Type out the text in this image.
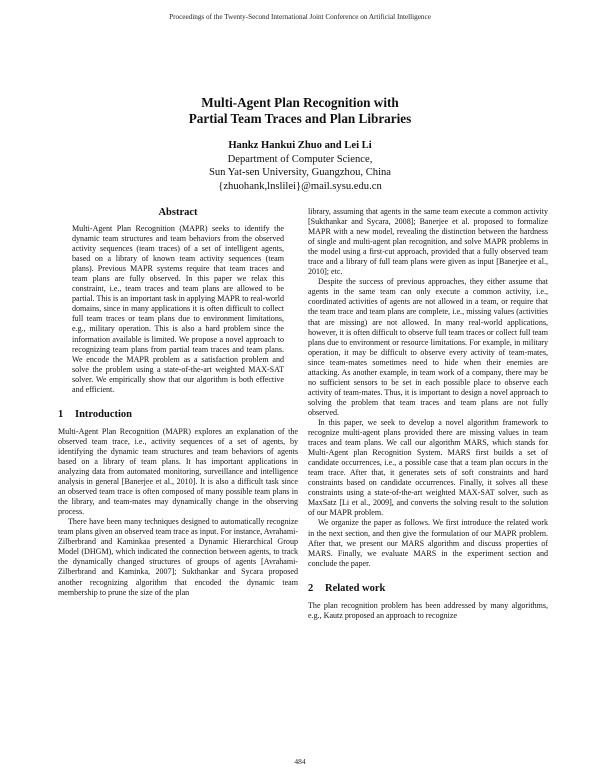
Proceedings of the Twenty-Second International Joint Conference on Artificial Intelligence
Multi-Agent Plan Recognition with
Partial Team Traces and Plan Libraries
Hankz Hankui Zhuo and Lei Li
Department of Computer Science,
Sun Yat-sen University, Guangzhou, China
{zhuohank,lnslilei}@mail.sysu.edu.cn
Abstract

Multi-Agent Plan Recognition (MAPR) seeks to identify the dynamic team structures and team behaviors from the observed activity sequences (team traces) of a set of intelligent agents, based on a library of known team activity sequences (team plans). Previous MAPR systems require that team traces and team plans are fully observed. In this paper we relax this constraint, i.e., team traces and team plans are allowed to be partial. This is an important task in applying MAPR to real-world domains, since in many applications it is often difficult to collect full team traces or team plans due to environment limitations, e.g., military operation. This is also a hard problem since the information available is limited. We propose a novel approach to recognizing team plans from partial team traces and team plans. We encode the MAPR problem as a satisfaction problem and solve the problem using a state-of-the-art weighted MAX-SAT solver. We empirically show that our algorithm is both effective and efficient.

1 Introduction

Multi-Agent Plan Recognition (MAPR) explores an explanation of the observed team trace, i.e., activity sequences of a set of agents, by identifying the dynamic team structures and team behaviors of agents based on a library of team plans. It has important applications in analyzing data from automated monitoring, surveillance and intelligence analysis in general [Banerjee et al., 2010]. It is also a difficult task since an observed team trace is often composed of many possible team plans in the library, and team-mates may dynamically change in the observing process.

There have been many techniques designed to automatically recognize team plans given an observed team trace as input. For instance, Avrahami-Zilberbrand and Kaminkaa presented a Dynamic Hierarchical Group Model (DHGM), which indicated the connection between agents, to track the dynamically changed structures of groups of agents [Avrahami-Zilberbrand and Kaminka, 2007]; Sukthankar and Sycara proposed another recognizing algorithm that encoded the dynamic team membership to prune the size of the plan

library, assuming that agents in the same team execute a common activity [Sukthankar and Sycara, 2008]; Banerjee et al. proposed to formalize MAPR with a new model, revealing the distinction between the hardness of single and multi-agent plan recognition, and solve MAPR problems in the model using a first-cut approach, provided that a fully observed team trace and a library of full team plans were given as input [Banerjee et al., 2010]; etc.

Despite the success of previous approaches, they either assume that agents in the same team can only execute a common activity, i.e., coordinated activities of agents are not allowed in a team, or require that the team trace and team plans are complete, i.e., missing values (activities that are missing) are not allowed. In many real-world applications, however, it is often difficult to observe full team traces or collect full team plans due to environment or resource limitations. For example, in military operation, it may be difficult to observe every activity of team-mates, since team-mates sometimes need to hide when their enemies are attacking. As another example, in team work of a company, there may be no sufficient sensors to be set in each possible place to observe each activity of team-mates. Thus, it is important to design a novel approach to solving the problem that team traces and team plans are not fully observed.

In this paper, we seek to develop a novel algorithm framework to recognize multi-agent plans provided there are missing values in team traces and team plans. We call our algorithm MARS, which stands for Multi-Agent plan Recognition System. MARS first builds a set of candidate occurrences, i.e., a possible case that a team plan occurs in the team trace. After that, it generates sets of soft constraints and hard constraints based on candidate occurrences. Finally, it solves all these constraints using a state-of-the-art weighted MAX-SAT solver, such as MaxSatz [Li et al., 2009], and converts the solving result to the solution of our MAPR problem.

We organize the paper as follows. We first introduce the related work in the next section, and then give the formulation of our MAPR problem. After that, we present our MARS algorithm and discuss properties of MARS. Finally, we evaluate MARS in the experiment section and conclude the paper.

2 Related work

The plan recognition problem has been addressed by many algorithms, e.g., Kautz proposed an approach to recognize

484
